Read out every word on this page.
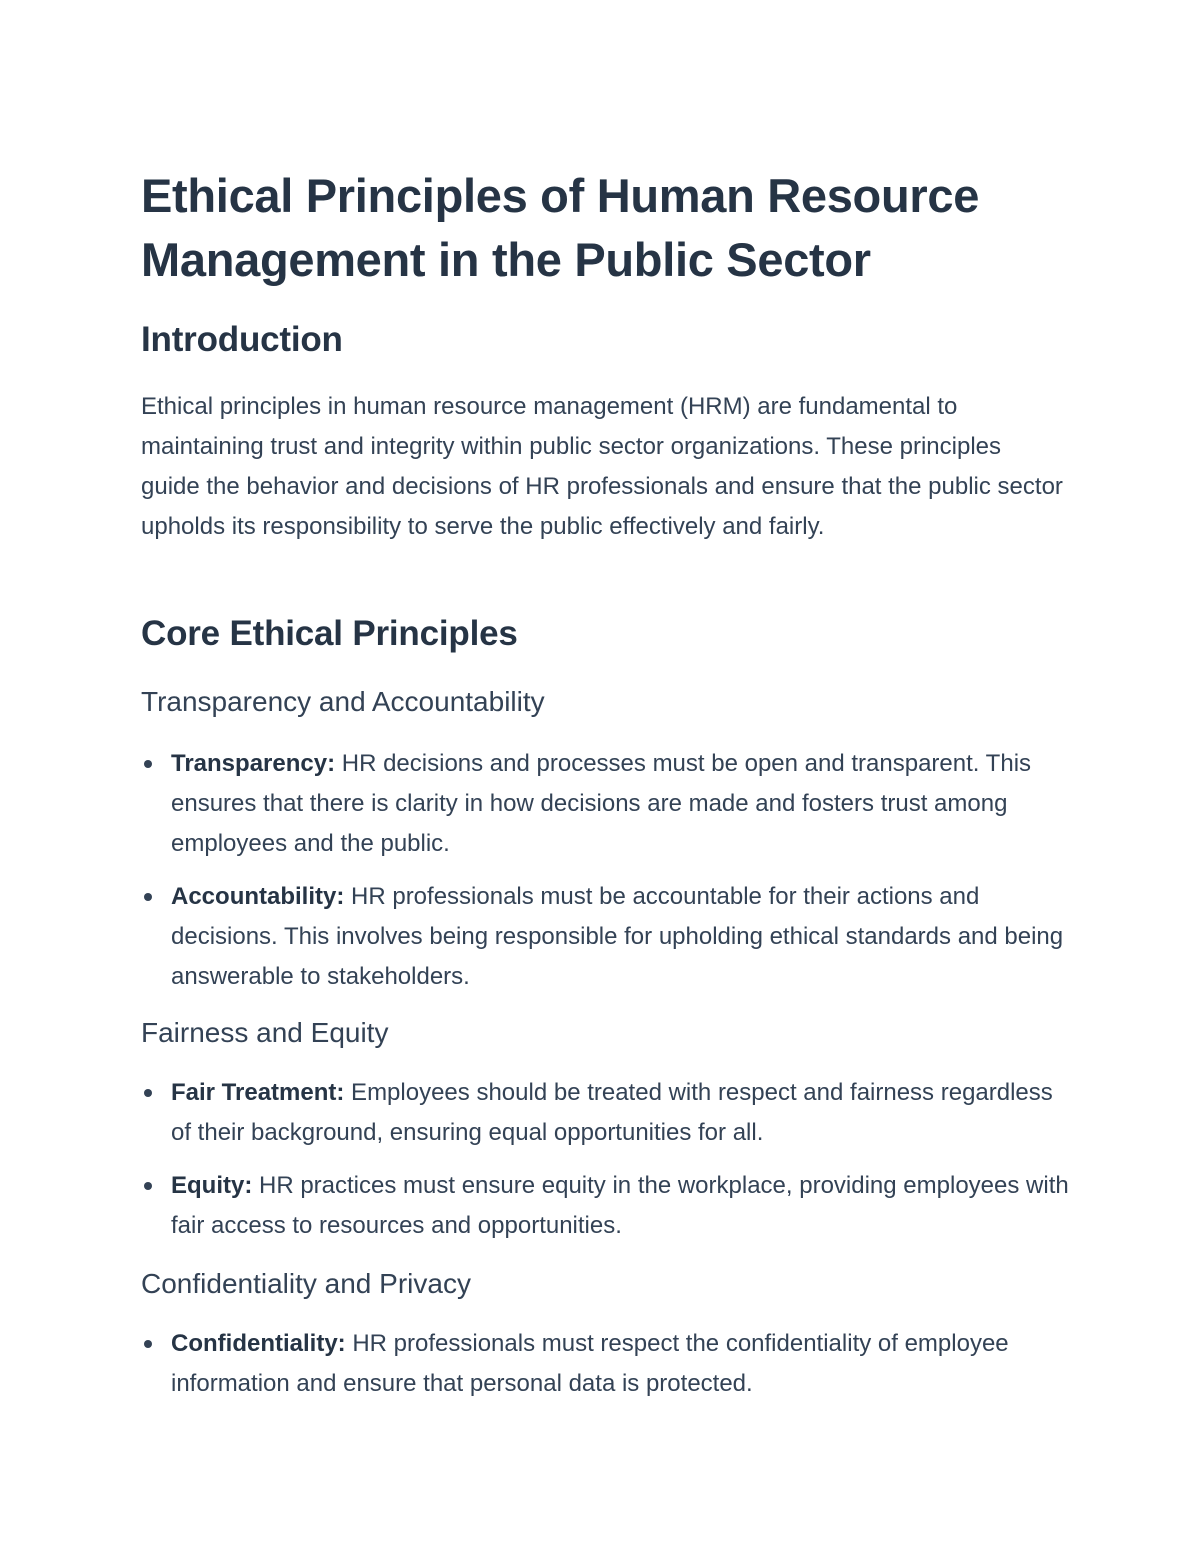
Ethical Principles of Human Resource Management in the Public Sector
Introduction

Ethical principles in human resource management (HRM) are fundamental to maintaining trust and integrity within public sector organizations. These principles guide the behavior and decisions of HR professionals and ensure that the public sector upholds its responsibility to serve the public effectively and fairly.

Core Ethical Principles
Transparency and Accountability
Transparency: HR decisions and processes must be open and transparent. This ensures that there is clarity in how decisions are made and fosters trust among employees and the public.
Accountability: HR professionals must be accountable for their actions and decisions. This involves being responsible for upholding ethical standards and being answerable to stakeholders.
Fairness and Equity
Fair Treatment: Employees should be treated with respect and fairness regardless of their background, ensuring equal opportunities for all.
Equity: HR practices must ensure equity in the workplace, providing employees with fair access to resources and opportunities.
Confidentiality and Privacy
Confidentiality: HR professionals must respect the confidentiality of employee information and ensure that personal data is protected.
